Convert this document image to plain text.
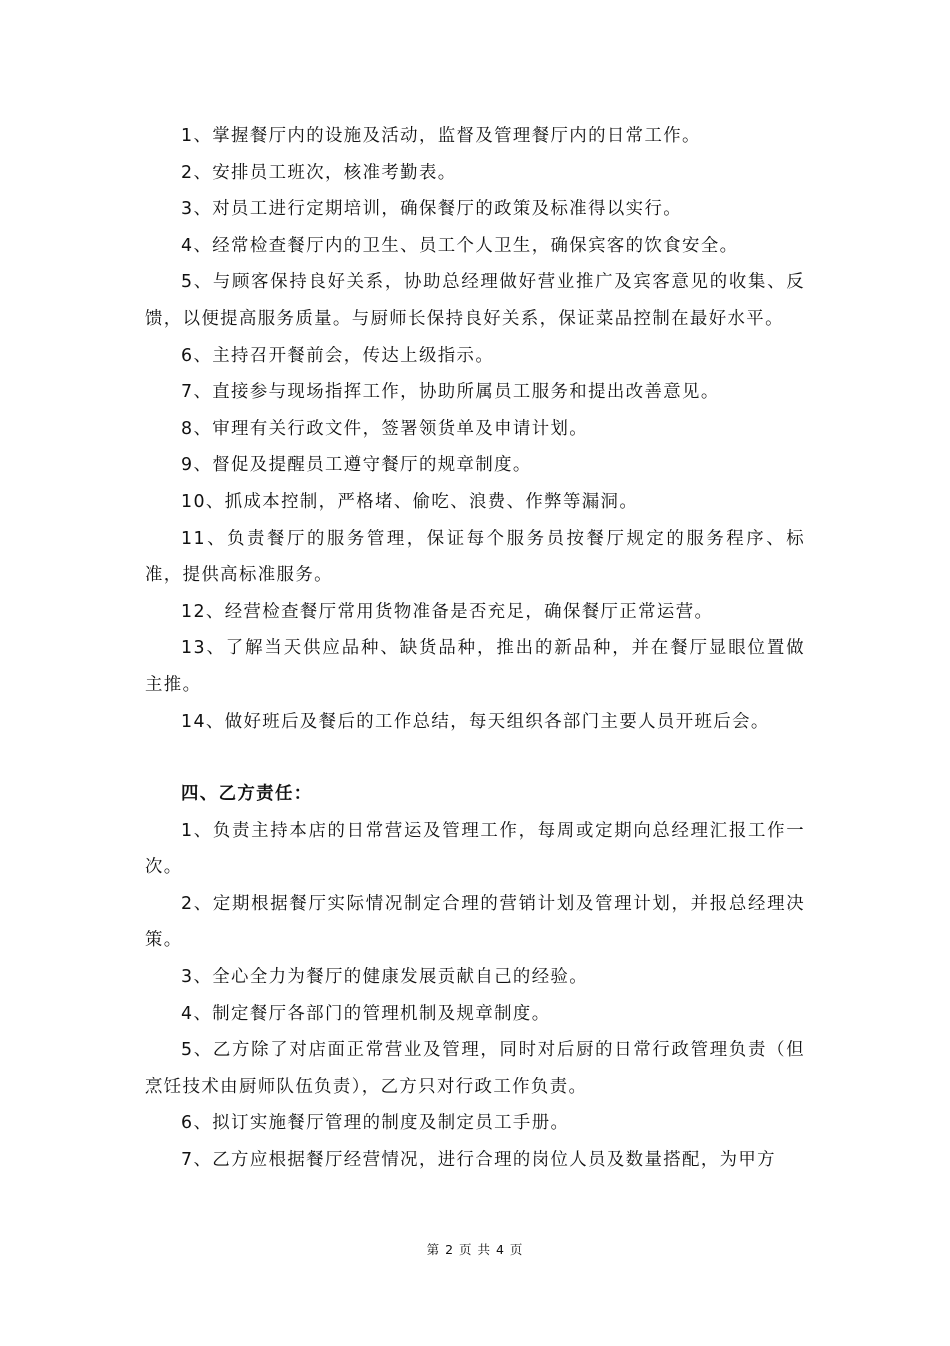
1、掌握餐厅内的设施及活动，监督及管理餐厅内的日常工作。

2、安排员工班次，核准考勤表。

3、对员工进行定期培训，确保餐厅的政策及标准得以实行。

4、经常检查餐厅内的卫生、员工个人卫生，确保宾客的饮食安全。

5、与顾客保持良好关系，协助总经理做好营业推广及宾客意见的收集、反馈，以便提高服务质量。与厨师长保持良好关系，保证菜品控制在最好水平。

6、主持召开餐前会，传达上级指示。

7、直接参与现场指挥工作，协助所属员工服务和提出改善意见。

8、审理有关行政文件，签署领货单及申请计划。

9、督促及提醒员工遵守餐厅的规章制度。

10、抓成本控制，严格堵、偷吃、浪费、作弊等漏洞。

11、负责餐厅的服务管理，保证每个服务员按餐厅规定的服务程序、标准，提供高标准服务。

12、经营检查餐厅常用货物准备是否充足，确保餐厅正常运营。

13、了解当天供应品种、缺货品种，推出的新品种，并在餐厅显眼位置做主推。

14、做好班后及餐后的工作总结，每天组织各部门主要人员开班后会。

四、乙方责任：

1、负责主持本店的日常营运及管理工作，每周或定期向总经理汇报工作一次。

2、定期根据餐厅实际情况制定合理的营销计划及管理计划，并报总经理决策。

3、全心全力为餐厅的健康发展贡献自己的经验。

4、制定餐厅各部门的管理机制及规章制度。

5、乙方除了对店面正常营业及管理，同时对后厨的日常行政管理负责（但烹饪技术由厨师队伍负责），乙方只对行政工作负责。

6、拟订实施餐厅管理的制度及制定员工手册。

7、乙方应根据餐厅经营情况，进行合理的岗位人员及数量搭配，为甲方

第 2 页 共 4 页
